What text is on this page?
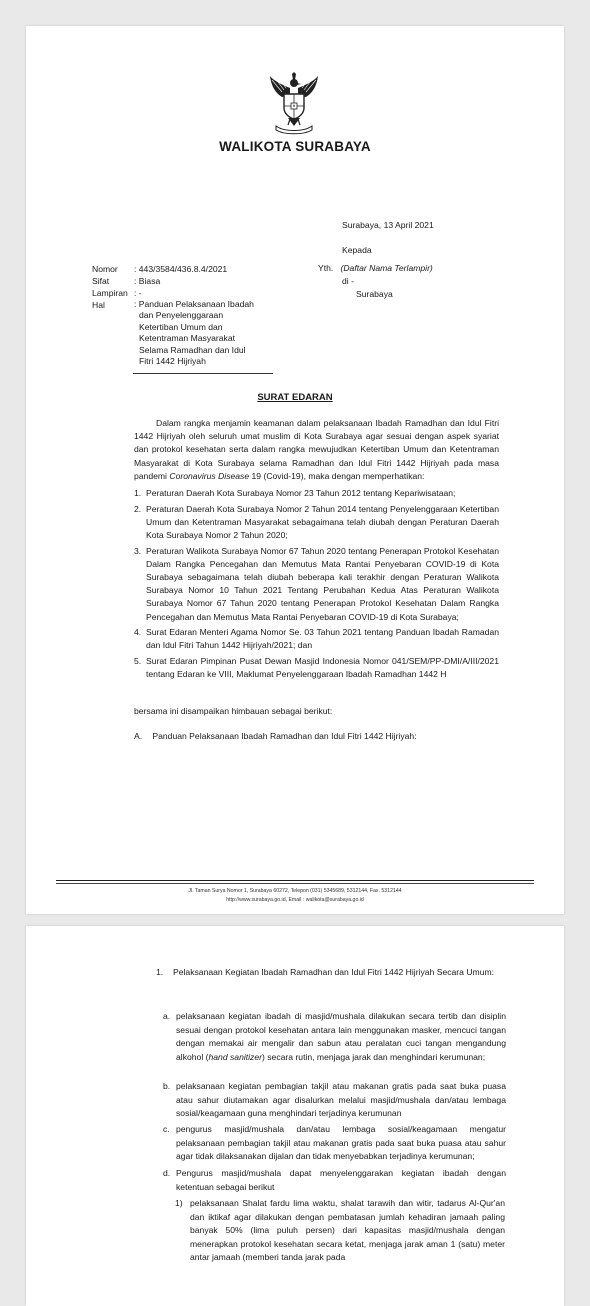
WALIKOTA SURABAYA
Surabaya, 13 April 2021
Kepada
Yth. (Daftar Nama Terlampir)
di -
Surabaya
Nomor	: 443/3584/436.8.4/2021
Sifat	: Biasa
Lampiran : -
Hal	: Panduan Pelaksanaan Ibadah
dan Penyelenggaraan
Ketertiban Umum dan
Ketentraman Masyarakat
Selama Ramadhan dan Idul
Fitri 1442 Hijriyah
SURAT EDARAN

Dalam rangka menjamin keamanan dalam pelaksanaan Ibadah Ramadhan dan Idul Fitri 1442 Hijriyah oleh seluruh umat muslim di Kota Surabaya agar sesuai dengan aspek syariat dan protokol kesehatan serta dalam rangka mewujudkan Ketertiban Umum dan Ketentraman Masyarakat di Kota Surabaya selama Ramadhan dan Idul Fitri 1442 Hijriyah pada masa pandemi Coronavirus Disease 19 (Covid-19), maka dengan memperhatikan:

1. Peraturan Daerah Kota Surabaya Nomor 23 Tahun 2012 tentang Kepariwisataan;
2. Peraturan Daerah Kota Surabaya Nomor 2 Tahun 2014 tentang Penyelenggaraan Ketertiban Umum dan Ketentraman Masyarakat sebagaimana telah diubah dengan Peraturan Daerah Kota Surabaya Nomor 2 Tahun 2020;
3. Peraturan Walikota Surabaya Nomor 67 Tahun 2020 tentang Penerapan Protokol Kesehatan Dalam Rangka Pencegahan dan Memutus Mata Rantai Penyebaran COVID-19 di Kota Surabaya sebagaimana telah diubah beberapa kali terakhir dengan Peraturan Walikota Surabaya Nomor 10 Tahun 2021 Tentang Perubahan Kedua Atas Peraturan Walikota Surabaya Nomor 67 Tahun 2020 tentang Penerapan Protokol Kesehatan Dalam Rangka Pencegahan dan Memutus Mata Rantai Penyebaran COVID-19 di Kota Surabaya;
4. Surat Edaran Menteri Agama Nomor Se. 03 Tahun 2021 tentang Panduan Ibadah Ramadan dan Idul Fitri Tahun 1442 Hijriyah/2021; dan
5. Surat Edaran Pimpinan Pusat Dewan Masjid Indonesia Nomor 041/SEM/PP-DMI/A/III/2021 tentang Edaran ke VIII, Maklumat Penyelenggaraan Ibadah Ramadhan 1442 H
bersama ini disampaikan himbauan sebagai berikut:
A. Panduan Pelaksanaan Ibadah Ramadhan dan Idul Fitri 1442 Hijriyah:
Jl. Taman Surya Nomor 1, Surabaya 60272, Telepon (031) 5345689, 5312144, Fax. 5312144
http://www.surabaya.go.id, Email : walikota@surabaya.go.id
1.	Pelaksanaan Kegiatan Ibadah Ramadhan dan Idul Fitri 1442 Hijriyah Secara Umum:
a. pelaksanaan kegiatan ibadah di masjid/mushala dilakukan secara tertib dan disiplin sesuai dengan protokol kesehatan antara lain menggunakan masker, mencuci tangan dengan memakai air mengalir dan sabun atau peralatan cuci tangan mengandung alkohol (hand sanitizer) secara rutin, menjaga jarak dan menghindari kerumunan;
b. pelaksanaan kegiatan pembagian takjil atau makanan gratis pada saat buka puasa atau sahur diutamakan agar disalurkan melalui masjid/mushala dan/atau lembaga sosial/keagamaan guna menghindari terjadinya kerumunan
c. pengurus masjid/mushala dan/atau lembaga sosial/keagamaan mengatur pelaksanaan pembagian takjil atau makanan gratis pada saat buka puasa atau sahur agar tidak dilaksanakan dijalan dan tidak menyebabkan terjadinya kerumunan;
d. Pengurus masjid/mushala dapat menyelenggarakan kegiatan ibadah dengan ketentuan sebagai berikut
1) pelaksanaan Shalat fardu lima waktu, shalat tarawih dan witir, tadarus Al-Qur'an dan iktikaf agar dilakukan dengan pembatasan jumlah kehadiran jamaah paling banyak 50% (lima puluh persen) dari kapasitas masjid/mushala dengan menerapkan protokol kesehatan secara ketat, menjaga jarak aman 1 (satu) meter antar jamaah (memberi tanda jarak pada
